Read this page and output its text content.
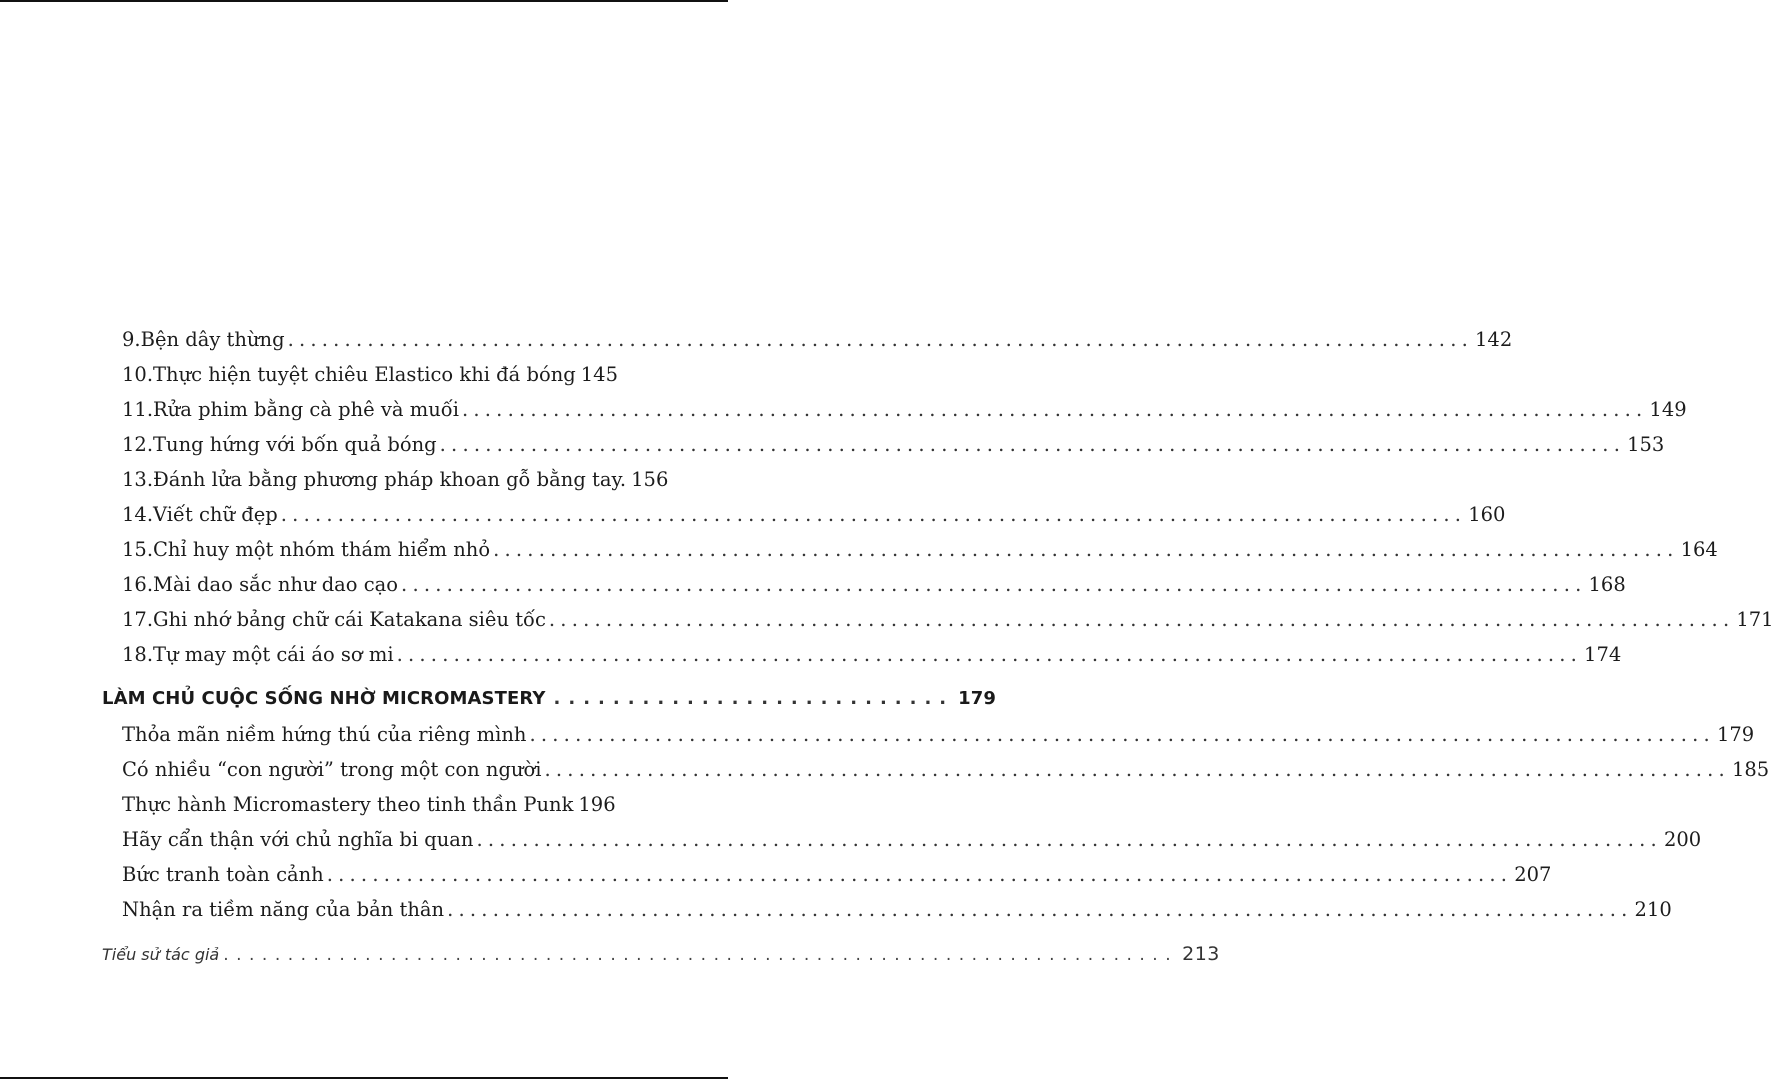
9. Bện dây thừng ........................................................................................................ 142
10. Thực hiện tuyệt chiêu Elastico khi đá bóng 145
11. Rửa phim bằng cà phê và muối ........................................................................................................ 149
12. Tung hứng với bốn quả bóng ........................................................................................................ 153
13. Đánh lửa bằng phương pháp khoan gỗ bằng tay. 156
14. Viết chữ đẹp ........................................................................................................ 160
15. Chỉ huy một nhóm thám hiểm nhỏ ........................................................................................................ 164
16. Mài dao sắc như dao cạo ........................................................................................................ 168
17. Ghi nhớ bảng chữ cái Katakana siêu tốc ........................................................................................................ 171
18. Tự may một cái áo sơ mi ........................................................................................................ 174
LÀM CHỦ CUỘC SỐNG NHỜ MICROMASTERY ........................... 179
Thỏa mãn niềm hứng thú của riêng mình ........................................................................................................ 179
Có nhiều “con người” trong một con người ........................................................................................................ 185
Thực hành Micromastery theo tinh thần Punk 196
Hãy cẩn thận với chủ nghĩa bi quan ........................................................................................................ 200
Bức tranh toàn cảnh ........................................................................................................ 207
Nhận ra tiềm năng của bản thân ........................................................................................................ 210
Tiểu sử tác giả .......................................................................... 213
